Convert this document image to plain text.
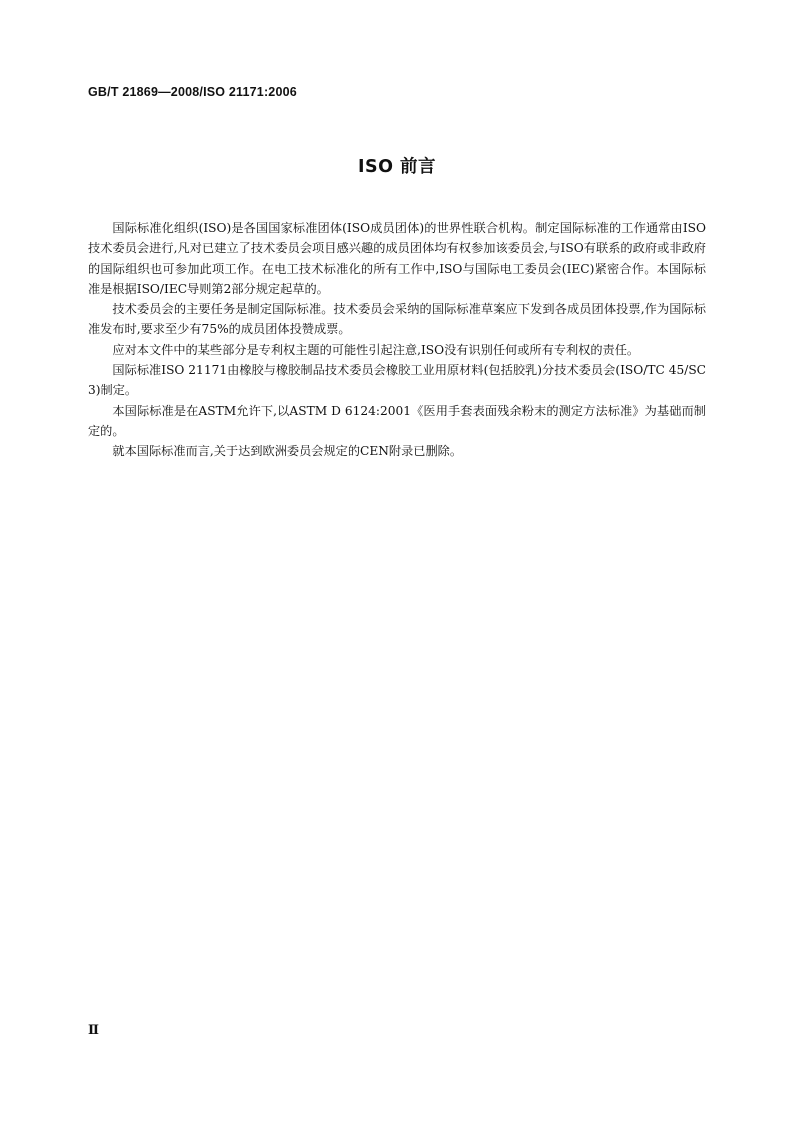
GB/T 21869—2008/ISO 21171:2006
ISO 前言

国际标准化组织(ISO)是各国国家标准团体(ISO成员团体)的世界性联合机构。制定国际标准的工作通常由ISO技术委员会进行,凡对已建立了技术委员会项目感兴趣的成员团体均有权参加该委员会,与ISO有联系的政府或非政府的国际组织也可参加此项工作。在电工技术标准化的所有工作中,ISO与国际电工委员会(IEC)紧密合作。本国际标准是根据ISO/IEC导则第2部分规定起草的。

技术委员会的主要任务是制定国际标准。技术委员会采纳的国际标准草案应下发到各成员团体投票,作为国际标准发布时,要求至少有75%的成员团体投赞成票。

应对本文件中的某些部分是专利权主题的可能性引起注意,ISO没有识别任何或所有专利权的责任。

国际标准ISO 21171由橡胶与橡胶制品技术委员会橡胶工业用原材料(包括胶乳)分技术委员会(ISO/TC 45/SC 3)制定。

本国际标准是在ASTM允许下,以ASTM D 6124:2001《医用手套表面残余粉末的测定方法标准》为基础而制定的。

就本国际标准而言,关于达到欧洲委员会规定的CEN附录已删除。

Ⅱ
